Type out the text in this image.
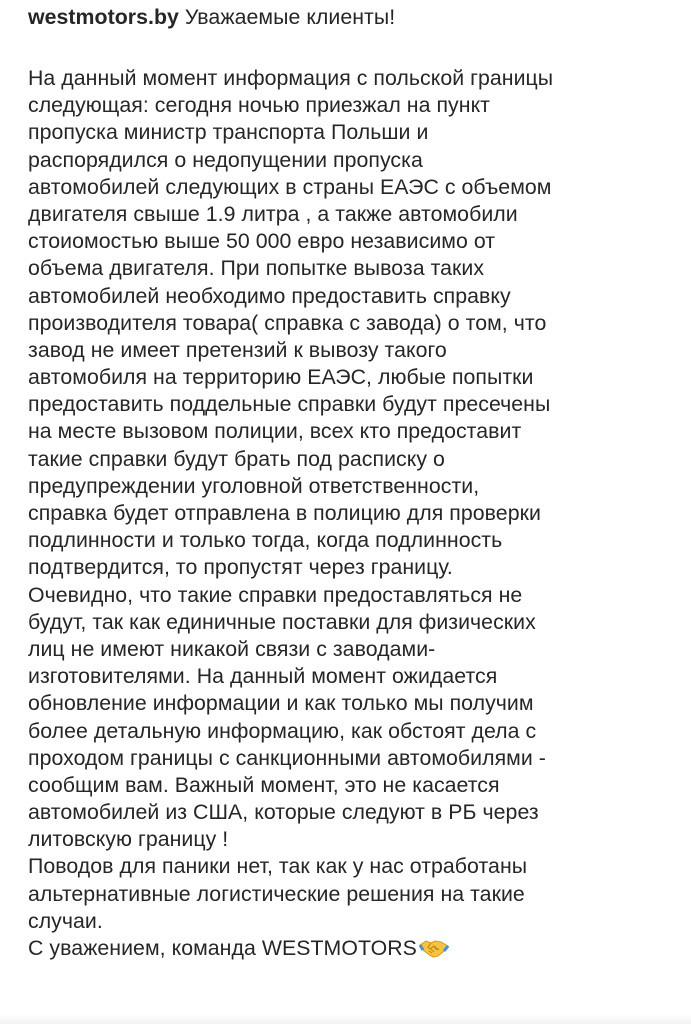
westmotors.by Уважаемые клиенты!
На данный момент информация с польской границы
следующая: сегодня ночью приезжал на пункт
пропуска министр транспорта Польши и
распорядился о недопущении пропуска
автомобилей следующих в страны ЕАЭС с объемом
двигателя свыше 1.9 литра , а также автомобили
стоиомостью выше 50 000 евро независимо от
объема двигателя. При попытке вывоза таких
автомобилей необходимо предоставить справку
производителя товара( справка с завода) о том, что
завод не имеет претензий к вывозу такого
автомобиля на территорию ЕАЭС, любые попытки
предоставить поддельные справки будут пресечены
на месте вызовом полиции, всех кто предоставит
такие справки будут брать под расписку о
предупреждении уголовной ответственности,
справка будет отправлена в полицию для проверки
подлинности и только тогда, когда подлинность
подтвердится, то пропустят через границу.
Очевидно, что такие справки предоставляться не
будут, так как единичные поставки для физических
лиц не имеют никакой связи с заводами-
изготовителями. На данный момент ожидается
обновление информации и как только мы получим
более детальную информацию, как обстоят дела с
проходом границы с санкционными автомобилями -
сообщим вам. Важный момент, это не касается
автомобилей из США, которые следуют в РБ через
литовскую границу !
Поводов для паники нет, так как у нас отработаны
альтернативные логистические решения на такие
случаи.
С уважением, команда WESTMOTORS
